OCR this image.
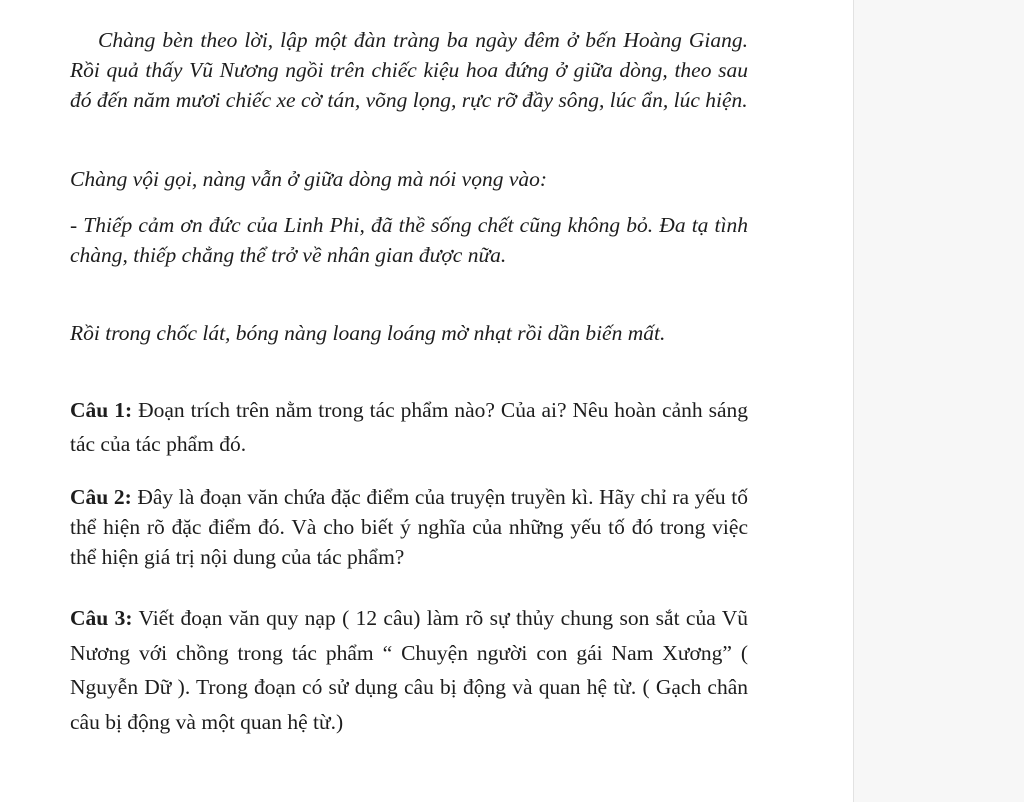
Chàng bèn theo lời, lập một đàn tràng ba ngày đêm ở bến Hoàng Giang. Rồi quả thấy Vũ Nương ngồi trên chiếc kiệu hoa đứng ở giữa dòng, theo sau đó đến năm mươi chiếc xe cờ tán, võng lọng, rực rỡ đầy sông, lúc ẩn, lúc hiện.

Chàng vội gọi, nàng vẫn ở giữa dòng mà nói vọng vào:

- Thiếp cảm ơn đức của Linh Phi, đã thề sống chết cũng không bỏ. Đa tạ tình chàng, thiếp chẳng thể trở về nhân gian được nữa.

Rồi trong chốc lát, bóng nàng loang loáng mờ nhạt rồi dần biến mất.

Câu 1: Đoạn trích trên nằm trong tác phẩm nào? Của ai? Nêu hoàn cảnh sáng tác của tác phẩm đó.

Câu 2: Đây là đoạn văn chứa đặc điểm của truyện truyền kì. Hãy chỉ ra yếu tố thể hiện rõ đặc điểm đó. Và cho biết ý nghĩa của những yếu tố đó trong việc thể hiện giá trị nội dung của tác phẩm?

Câu 3: Viết đoạn văn quy nạp ( 12 câu) làm rõ sự thủy chung son sắt của Vũ Nương với chồng trong tác phẩm “ Chuyện người con gái Nam Xương” ( Nguyễn Dữ ). Trong đoạn có sử dụng câu bị động và quan hệ từ. ( Gạch chân câu bị động và một quan hệ từ.)
